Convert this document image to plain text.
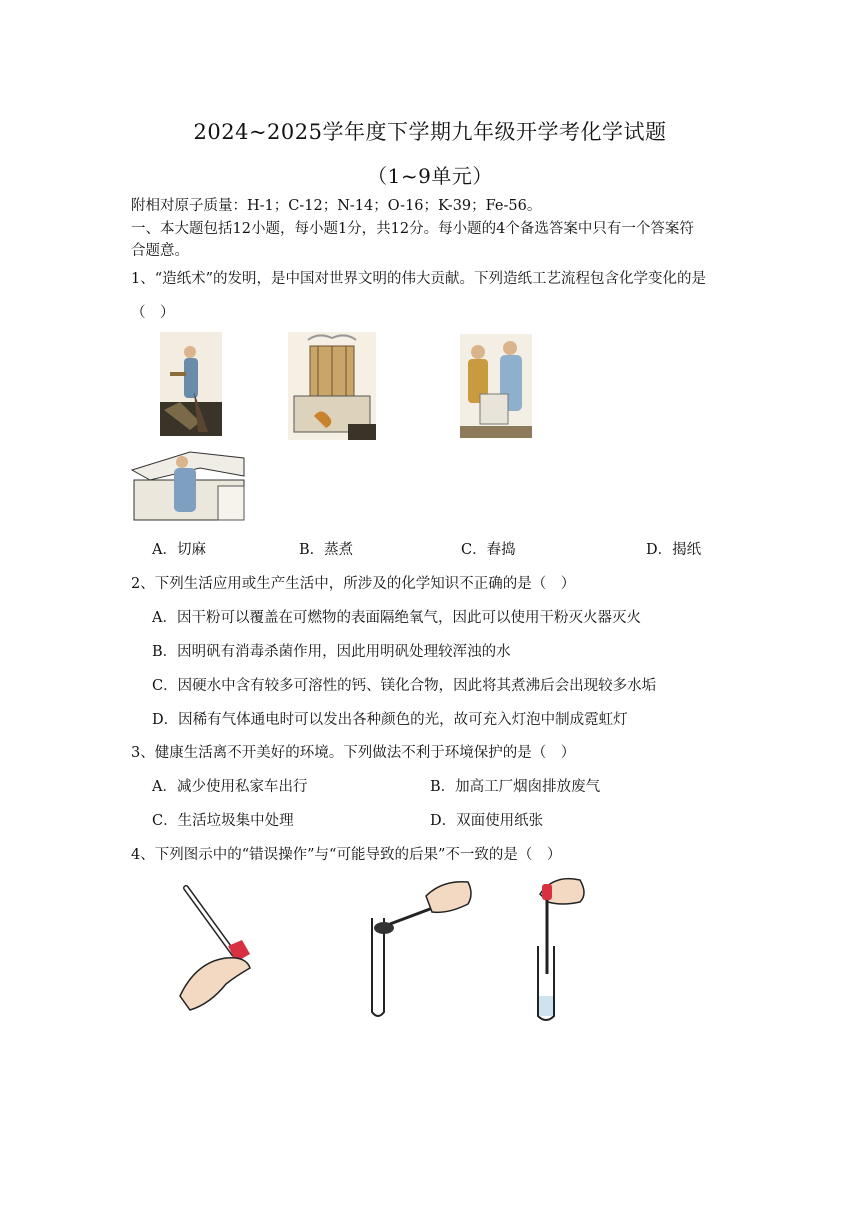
2024~2025学年度下学期九年级开学考化学试题
（1~9单元）
附相对原子质量：H-1；C-12；N-14；O-16；K-39；Fe-56。
一、本大题包括12小题，每小题1分，共12分。每小题的4个备选答案中只有一个答案符
合题意。
1、“造纸术”的发明，是中国对世界文明的伟大贡献。下列造纸工艺流程包含化学变化的是
（　）
A．切麻	B．蒸煮	C．舂捣	D．揭纸
2、下列生活应用或生产生活中，所涉及的化学知识不正确的是（　）
A．因干粉可以覆盖在可燃物的表面隔绝氧气，因此可以使用干粉灭火器灭火
B．因明矾有消毒杀菌作用，因此用明矾处理较浑浊的水
C．因硬水中含有较多可溶性的钙、镁化合物，因此将其煮沸后会出现较多水垢
D．因稀有气体通电时可以发出各种颜色的光，故可充入灯泡中制成霓虹灯
3、健康生活离不开美好的环境。下列做法不利于环境保护的是（　）
A．减少使用私家车出行	B．加高工厂烟囱排放废气
C．生活垃圾集中处理	D．双面使用纸张
4、下列图示中的“错误操作”与“可能导致的后果”不一致的是（　）
